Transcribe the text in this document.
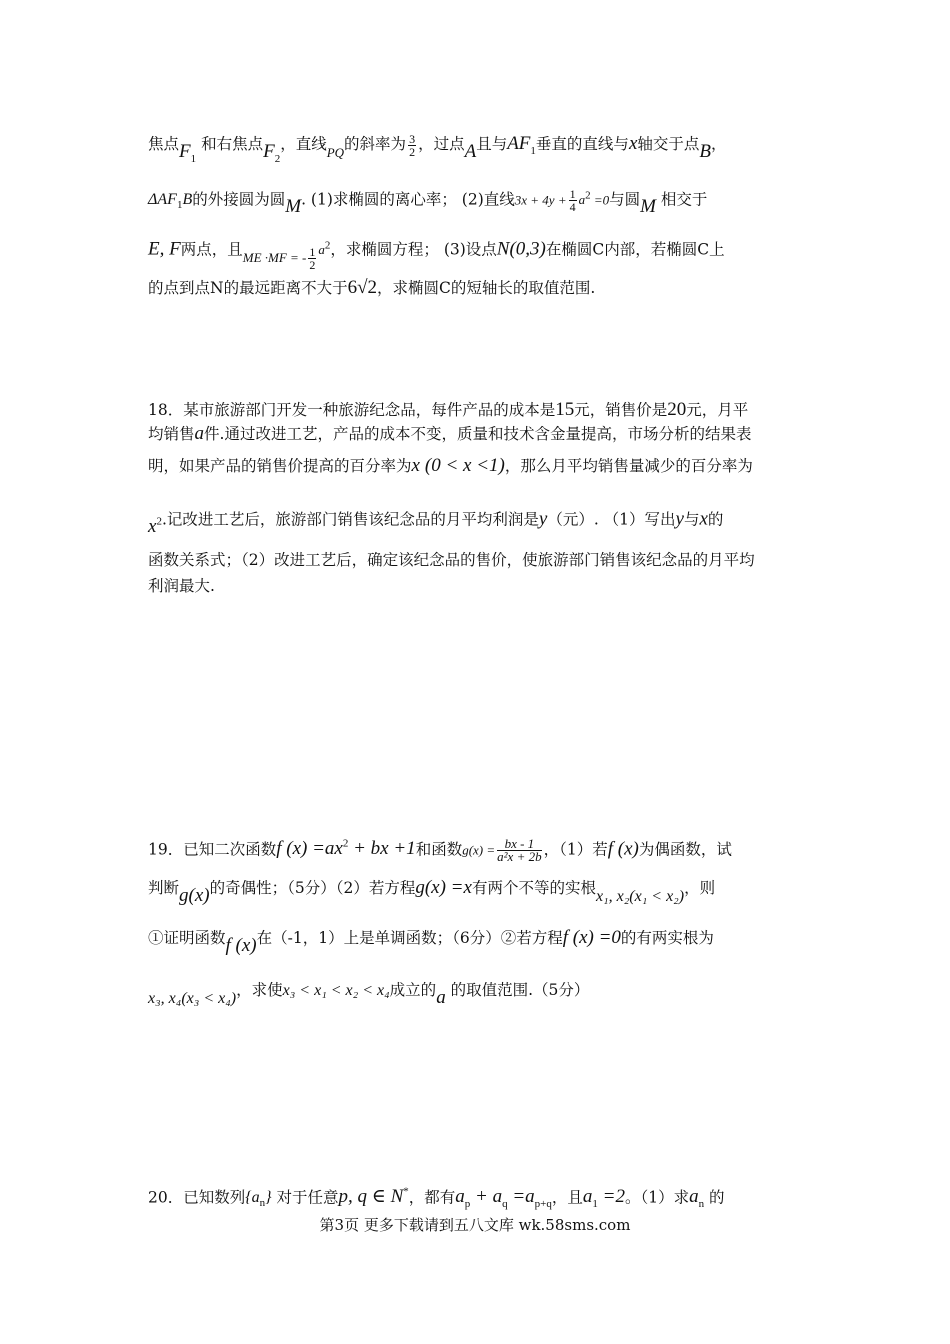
焦点$F_1$ 和右焦点$F_2$，直线$_{PQ}$的斜率为 $\frac{3}{2}$ ，过点A且与$AF_1$垂直的直线与x轴交于点B，
$\Delta AF_1B$的外接圆为圆M. (1)求椭圆的离心率； (2)直线$3x + 4y + \frac{1}{4} a^2 =0$与圆M 相交于
E, F两点，且$_{ME \cdot MF = -} \frac{1}{2} a^2$，求椭圆方程； (3)设点N(0,3)在椭圆C内部，若椭圆C上
的点到点N的最远距离不大于6√2，求椭圆C的短轴长的取值范围.
18．某市旅游部门开发一种旅游纪念品，每件产品的成本是15元，销售价是20元，月平
均销售a件.通过改进工艺，产品的成本不变，质量和技术含金量提高，市场分析的结果表
明，如果产品的销售价提高的百分率为x (0 < x <1)，那么月平均销售量减少的百分率为
$x^2$.记改进工艺后，旅游部门销售该纪念品的月平均利润是y（元）. （1）写出y与x的
函数关系式；（2）改进工艺后，确定该纪念品的售价，使旅游部门销售该纪念品的月平均
利润最大.
19．已知二次函数f $(x) =ax^2$ + bx +1和函数$g(x) = \frac{bx - 1}{\text{a²x + 2b}}$ ，（1）若f (x)为偶函数，试
判断g(x)的奇偶性；（5分）（2）若方程g(x) =x有两个不等的实根x₁, x₂(x₁ < x₂)，则
①证明函数f (x)在（-1，1）上是单调函数；（6分）②若方程f (x) =0的有两实根为
x₃, x₄(x₃ < x₄)，求使x₃ < x₁ < x₂ < x₄成立的a 的取值范围.（5分）
20．已知数列$\{a_n\}$ 对于任意p, q ∈ N*，都有$a_p + a_q =a_{p+q}$，且$a_1 =2$。（1）求$a_n$ 的
第3页 更多下载请到五八文库 wk.58sms.com
